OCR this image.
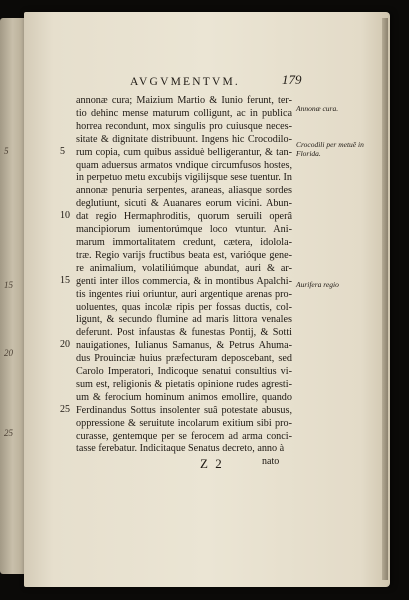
5
15
20
25
AVGVMENTVM.	179
annonæ cura; Maizium Martio & Iunio ferunt, ter-
tio dehinc mense maturum colligunt, ac in publica
horrea recondunt, mox singulis pro cuiusque neces-
sitate & dignitate distribuunt. Ingens hic Crocodilo-
rum copia, cum quibus assiduè belligerantur, & tan-
quam aduersus armatos vndique circumfusos hostes,
in perpetuo metu excubijs vigilijsque sese tuentur. In
annonæ penuria serpentes, araneas, aliasque sordes
deglutiunt, sicuti & Auanares eorum vicini. Abun-
dat regio Hermaphroditis, quorum seruili operâ
mancipiorum iumentorúmque loco vtuntur. Ani-
marum immortalitatem credunt, cætera, idolola-
træ. Regio varijs fructibus beata est, varióque gene-
re animalium, volatiliúmque abundat, auri & ar-
genti inter illos commercia, & in montibus Apalchi-
tis ingentes riui oriuntur, auri argentique arenas pro-
uoluentes, quas incolæ ripis per fossas ductis, col-
ligunt, & secundo flumine ad maris littora venales
deferunt. Post infaustas & funestas Pontij, & Sotti
nauigationes, Iulianus Samanus, & Petrus Ahuma-
dus Prouinciæ huius præfecturam deposcebant, sed
Carolo Imperatori, Indicoque senatui consultius vi-
sum est, religionis & pietatis opinione rudes agresti-
um & ferocium hominum animos emollire, quando
Ferdinandus Sottus insolenter suâ potestate abusus,
oppressione & seruitute incolarum exitium sibi pro-
curasse, gentemque per se ferocem ad arma conci-
tasse ferebatur. Indicitaque Senatus decreto, anno à
5
10
15
20
25
Annonæ cura.
Crocodili per metuẽ in Florida.
Aurifera regio
Z 2	nato
